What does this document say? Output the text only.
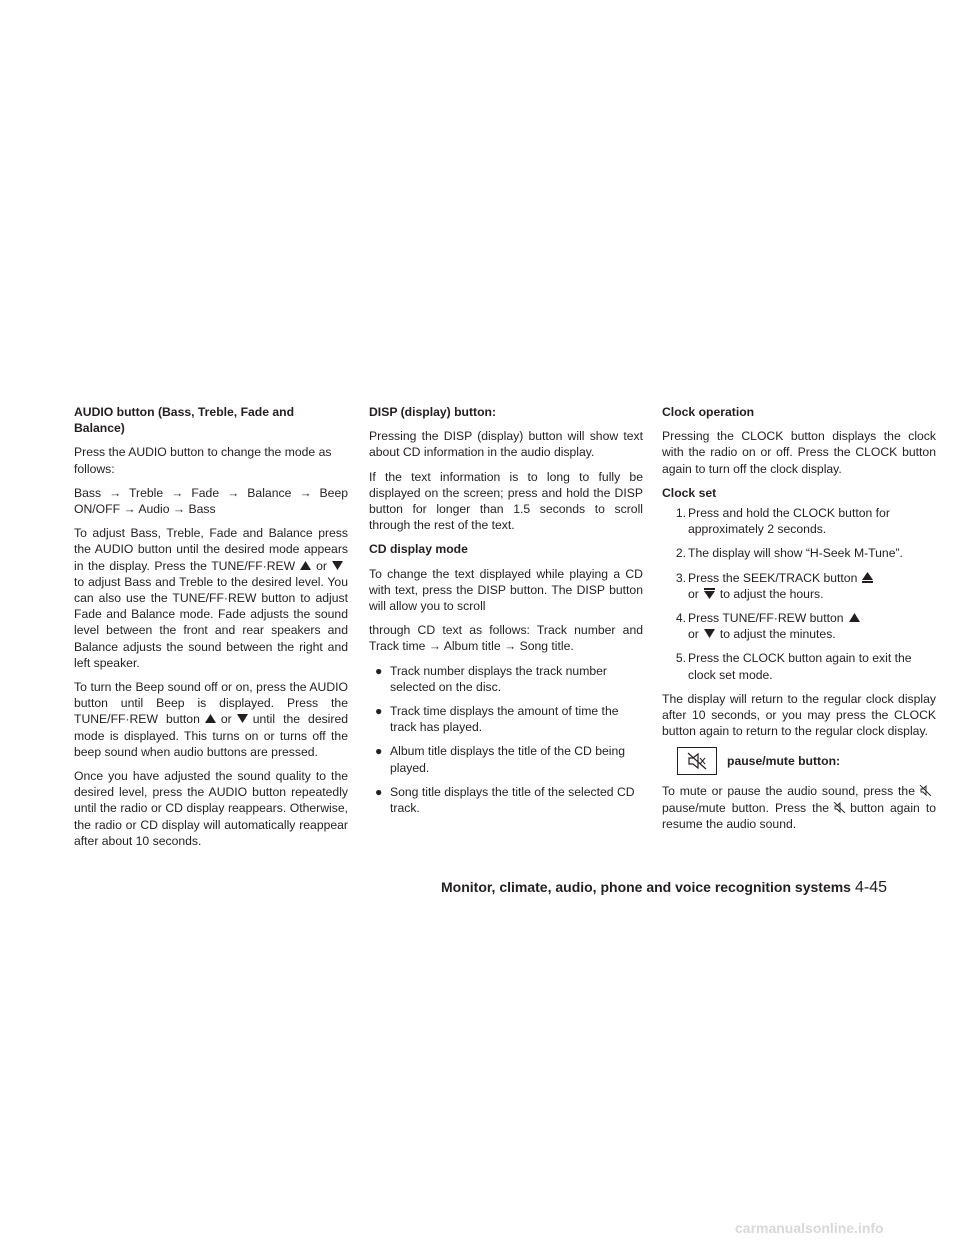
AUDIO button (Bass, Treble, Fade and Balance)

Press the AUDIO button to change the mode as follows:

Bass → Treble → Fade → Balance → Beep ON/OFF → Audio → Bass

To adjust Bass, Treble, Fade and Balance press the AUDIO button until the desired mode appears in the display. Press the TUNE/FF·REW orto adjust Bass and Treble to the desired level. You can also use the TUNE/FF·REW button to adjust Fade and Balance mode. Fade adjusts the sound level between the front and rear speakers and Balance adjusts the sound between the right and left speaker.

To turn the Beep sound off or on, press the AUDIO button until Beep is displayed. Press the TUNE/FF·REW button or until the desired mode is displayed. This turns on or turns off the beep sound when audio buttons are pressed.

Once you have adjusted the sound quality to the desired level, press the AUDIO button repeatedly until the radio or CD display reappears. Otherwise, the radio or CD display will automatically reappear after about 10 seconds.

DISP (display) button:

Pressing the DISP (display) button will show text about CD information in the audio display.

If the text information is to long to fully be displayed on the screen; press and hold the DISP button for longer than 1.5 seconds to scroll through the rest of the text.

CD display mode

To change the text displayed while playing a CD with text, press the DISP button. The DISP button will allow you to scroll

through CD text as follows: Track number and Track time → Album title → Song title.

● Track number displays the track number selected on the disc.
● Track time displays the amount of time the track has played.
● Album title displays the title of the CD being played.
● Song title displays the title of the selected CD track.
Clock operation

Pressing the CLOCK button displays the clock with the radio on or off. Press the CLOCK button again to turn off the clock display.

Clock set
1. Press and hold the CLOCK button for approximately 2 seconds.
2. The display will show “H-Seek M-Tune”.
3. Press the SEEK/TRACK button
or to adjust the hours.
4. Press TUNE/FF·REW button
or to adjust the minutes.
5. Press the CLOCK button again to exit the clock set mode.

The display will return to the regular clock display after 10 seconds, or you may press the CLOCK button again to return to the regular clock display.

pause/mute button:

To mute or pause the audio sound, press thepause/mute button. Press the button again to resume the audio sound.

Monitor, climate, audio, phone and voice recognition systems 4-45
carmanualsonline.info
